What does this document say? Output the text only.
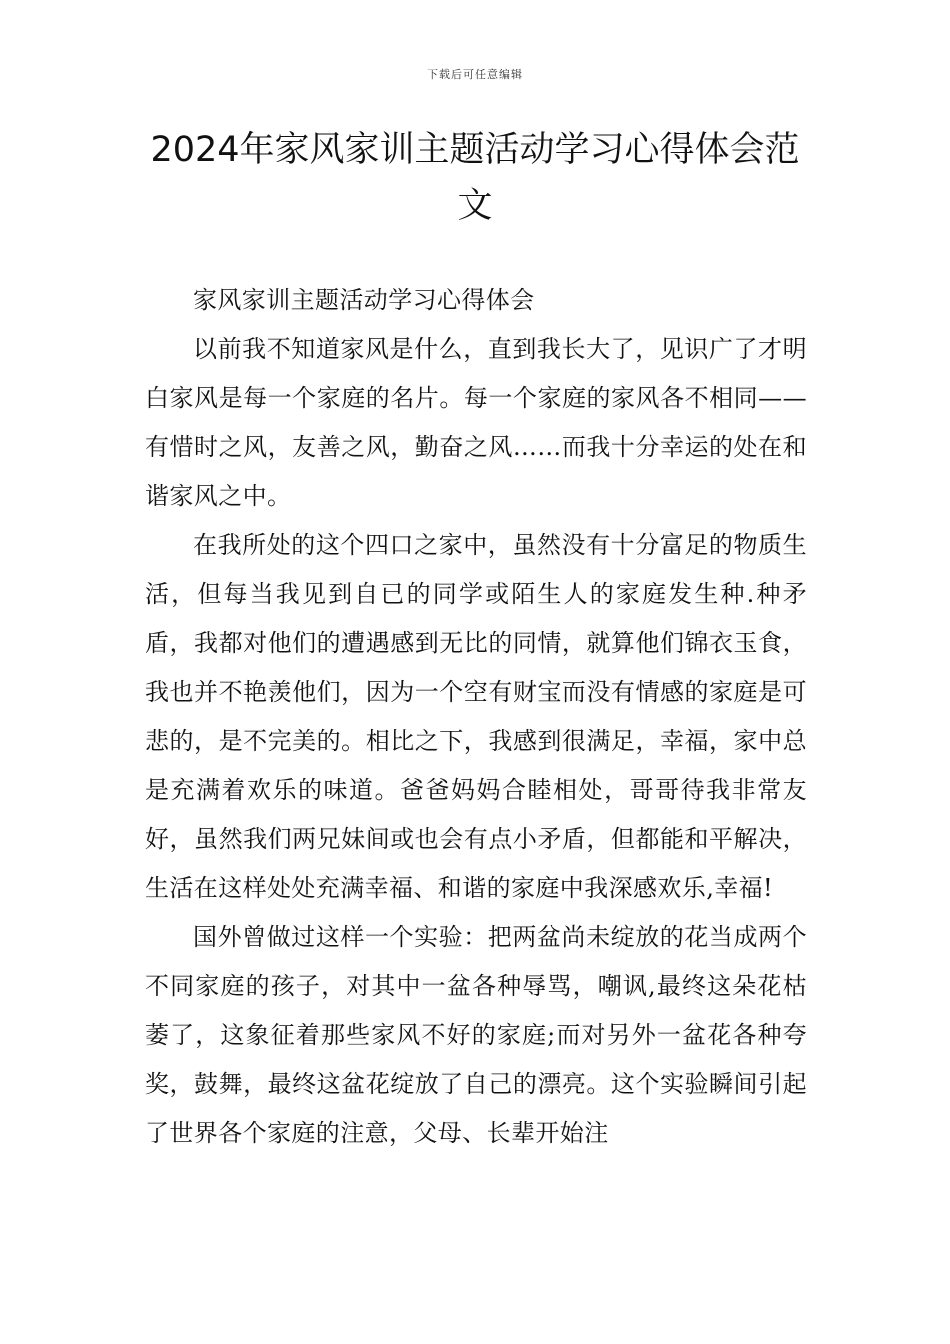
下载后可任意编辑
2024年家风家训主题活动学习心得体会范文

家风家训主题活动学习心得体会

以前我不知道家风是什么，直到我长大了，见识广了才明白家风是每一个家庭的名片。每一个家庭的家风各不相同——有惜时之风，友善之风，勤奋之风……而我十分幸运的处在和谐家风之中。

在我所处的这个四口之家中，虽然没有十分富足的物质生活，但每当我见到自已的同学或陌生人的家庭发生种.种矛盾，我都对他们的遭遇感到无比的同情，就算他们锦衣玉食，我也并不艳羡他们，因为一个空有财宝而没有情感的家庭是可悲的，是不完美的。相比之下，我感到很满足，幸福，家中总是充满着欢乐的味道。爸爸妈妈合睦相处，哥哥待我非常友好，虽然我们两兄妹间或也会有点小矛盾，但都能和平解决，生活在这样处处充满幸福、和谐的家庭中我深感欢乐,幸福!

国外曾做过这样一个实验：把两盆尚未绽放的花当成两个不同家庭的孩子，对其中一盆各种辱骂，嘲讽,最终这朵花枯萎了，这象征着那些家风不好的家庭;而对另外一盆花各种夸奖，鼓舞，最终这盆花绽放了自己的漂亮。这个实验瞬间引起了世界各个家庭的注意，父母、长辈开始注
